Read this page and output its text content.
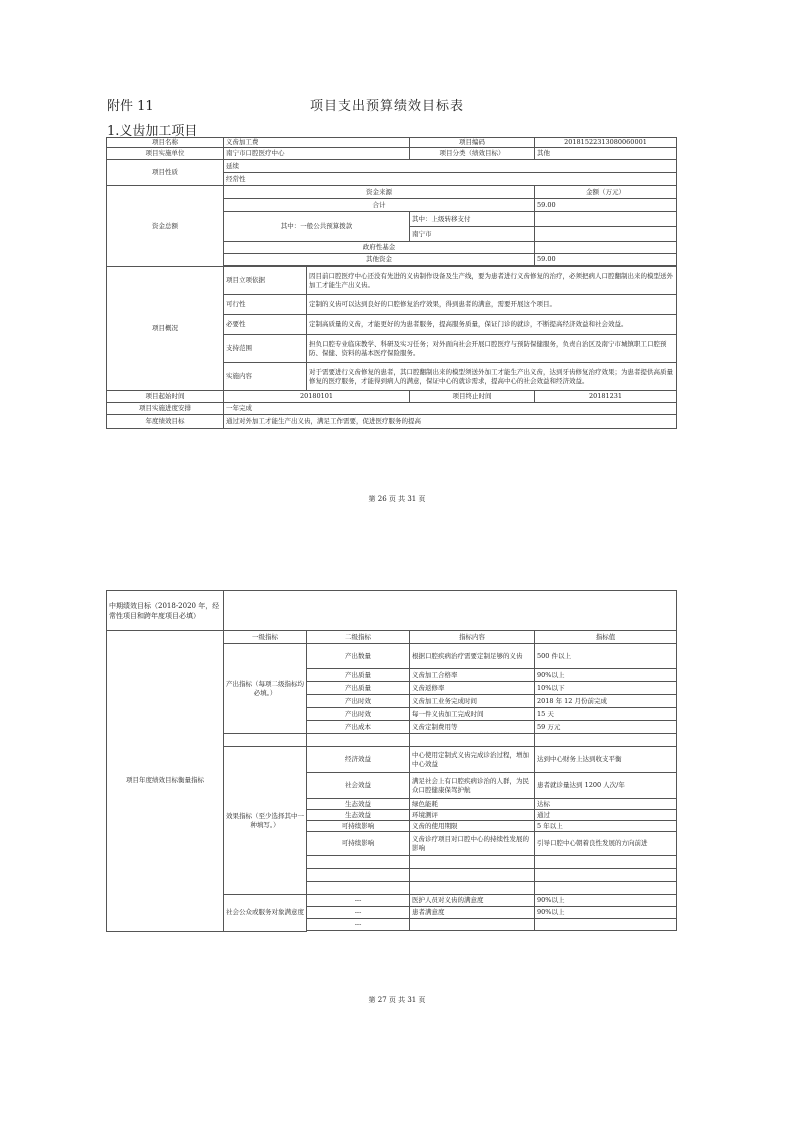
附件 11	项目支出预算绩效目标表
1.义齿加工项目
项目名称	义齿加工费		项目编码	20181522313080060001
项目实施单位	南宁市口腔医疗中心		项目分类（绩效目标）	其他
项目性质	延续			
	经常性			
资金总额	资金来源			金额（万元）
	合计			59.00
	其中：一般公共预算拨款		其中：上级转移支付	
			南宁市	
	政府性基金			
	其他资金			59.00

项目概况	项目立项依据	因目前口腔医疗中心还没有先进的义齿制作设备及生产线，要为患者进行义齿修复的治疗，必须把病人口腔翻制出来的模型送外加工才能生产出义齿。		
	可行性	定制的义齿可以达到良好的口腔修复治疗效果，得到患者的满意，需要开展这个项目。		
	必要性	定制高质量的义齿，才能更好的为患者服务，提高服务质量，保证门诊的就诊，不断提高经济效益和社会效益。		
	支持范围	担负口腔专业临床教学、科研及实习任务；对外面向社会开展口腔医疗与预防保健服务，负责自治区及南宁市城镇职工口腔预防、保健、资料的基本医疗保险服务。		
	实施内容	对于需要进行义齿修复的患者，其口腔翻制出来的模型须送外加工才能生产出义齿，达到牙齿修复治疗效果；为患者提供高质量修复的医疗服务，才能得到病人的满意，保证中心的就诊需求，提高中心的社会效益和经济效益。		
项目起始时间	20180101		项目终止时间	20181231
项目实施进度安排	一年完成			
年度绩效目标	通过对外加工才能生产出义齿，满足工作需要，促进医疗服务的提高			
第 26 页 共 31 页
中期绩效目标（2018-2020 年，经常性项目和跨年度项目必填）				
项目年度绩效目标衡量指标	一级指标	二级指标	指标内容	指标值
	产出指标（每项二级指标均必填。）	产出数量	根据口腔疾病治疗需要定制足够的义齿	500 件以上
		产出质量	义齿加工合格率	90%以上
		产出质量	义齿返修率	10%以下
		产出时效	义齿加工业务完成时间	2018 年 12 月份前完成
		产出时效	每一件义齿加工完成时间	15 天
		产出成本	义齿定制费用等	59 万元

	效果指标（至少选择其中一种填写。）	经济效益	中心使用定制式义齿完成诊治过程，增加中心效益	达到中心财务上达到收支平衡
		社会效益	满足社会上有口腔疾病诊治的人群，为民众口腔健康保驾护航	患者就诊量达到 1200 人次/年
		生态效益	绿色能耗	达标
		生态效益	环境测评	通过
		可持续影响	义齿的使用期限	5 年以上
		可持续影响	义齿诊疗项目对口腔中心的持续性发展的影响	引导口腔中心朝着良性发展的方向前进

	社会公众或服务对象满意度	---	医护人员对义齿的满意度	90%以上
		---	患者满意度	90%以上
		---		

第 27 页 共 31 页
